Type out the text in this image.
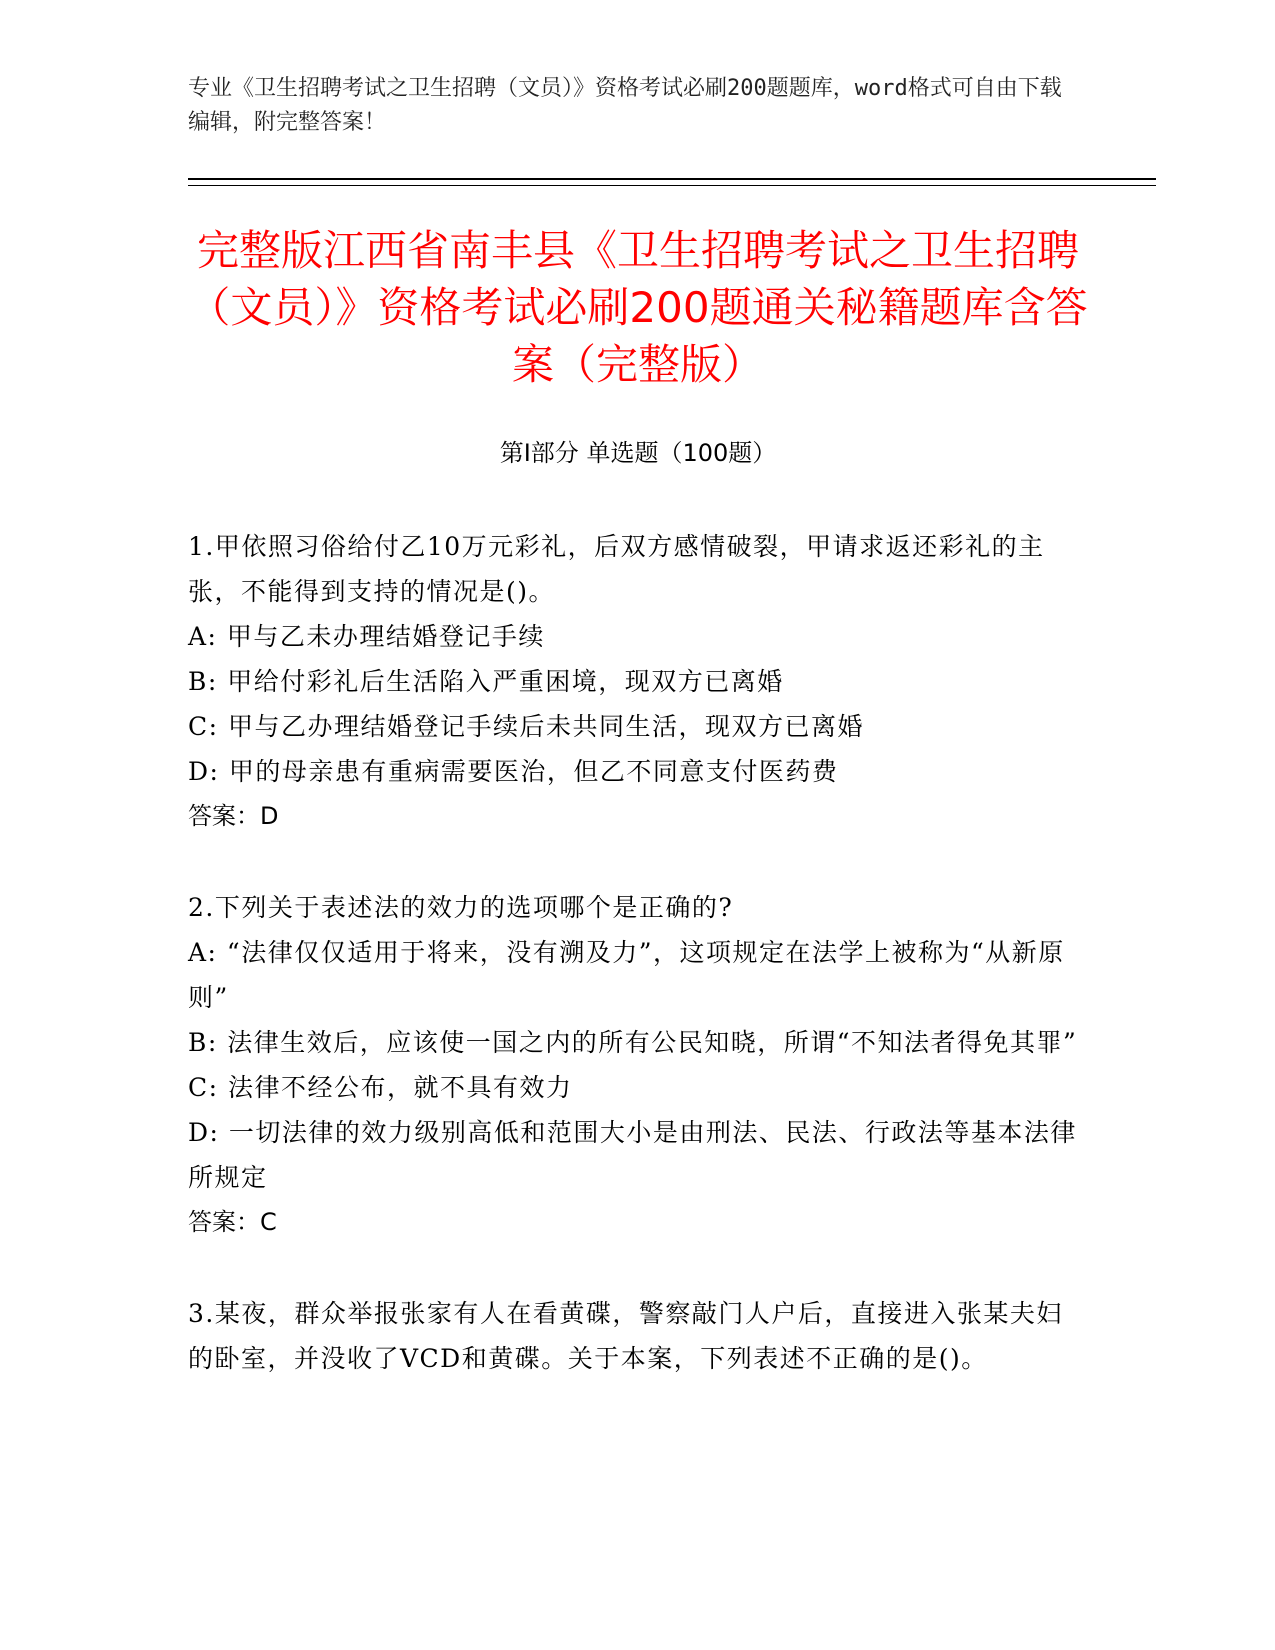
专业《卫生招聘考试之卫生招聘（文员）》资格考试必刷200题题库，word格式可自由下载编辑，附完整答案！
完整版江西省南丰县《卫生招聘考试之卫生招聘（文员）》资格考试必刷200题通关秘籍题库含答案（完整版）
第Ⅰ部分 单选题（100题）

1.甲依照习俗给付乙10万元彩礼，后双方感情破裂，甲请求返还彩礼的主张，不能得到支持的情况是()。

A: 甲与乙未办理结婚登记手续

B: 甲给付彩礼后生活陷入严重困境，现双方已离婚

C: 甲与乙办理结婚登记手续后未共同生活，现双方已离婚

D: 甲的母亲患有重病需要医治，但乙不同意支付医药费

答案：D

2.下列关于表述法的效力的选项哪个是正确的?

A: “法律仅仅适用于将来，没有溯及力”，这项规定在法学上被称为“从新原则”

B: 法律生效后，应该使一国之内的所有公民知晓，所谓“不知法者得免其罪”

C: 法律不经公布，就不具有效力

D: 一切法律的效力级别高低和范围大小是由刑法、民法、行政法等基本法律所规定

答案：C

3.某夜，群众举报张家有人在看黄碟，警察敲门人户后，直接进入张某夫妇的卧室，并没收了VCD和黄碟。关于本案，下列表述不正确的是()。
